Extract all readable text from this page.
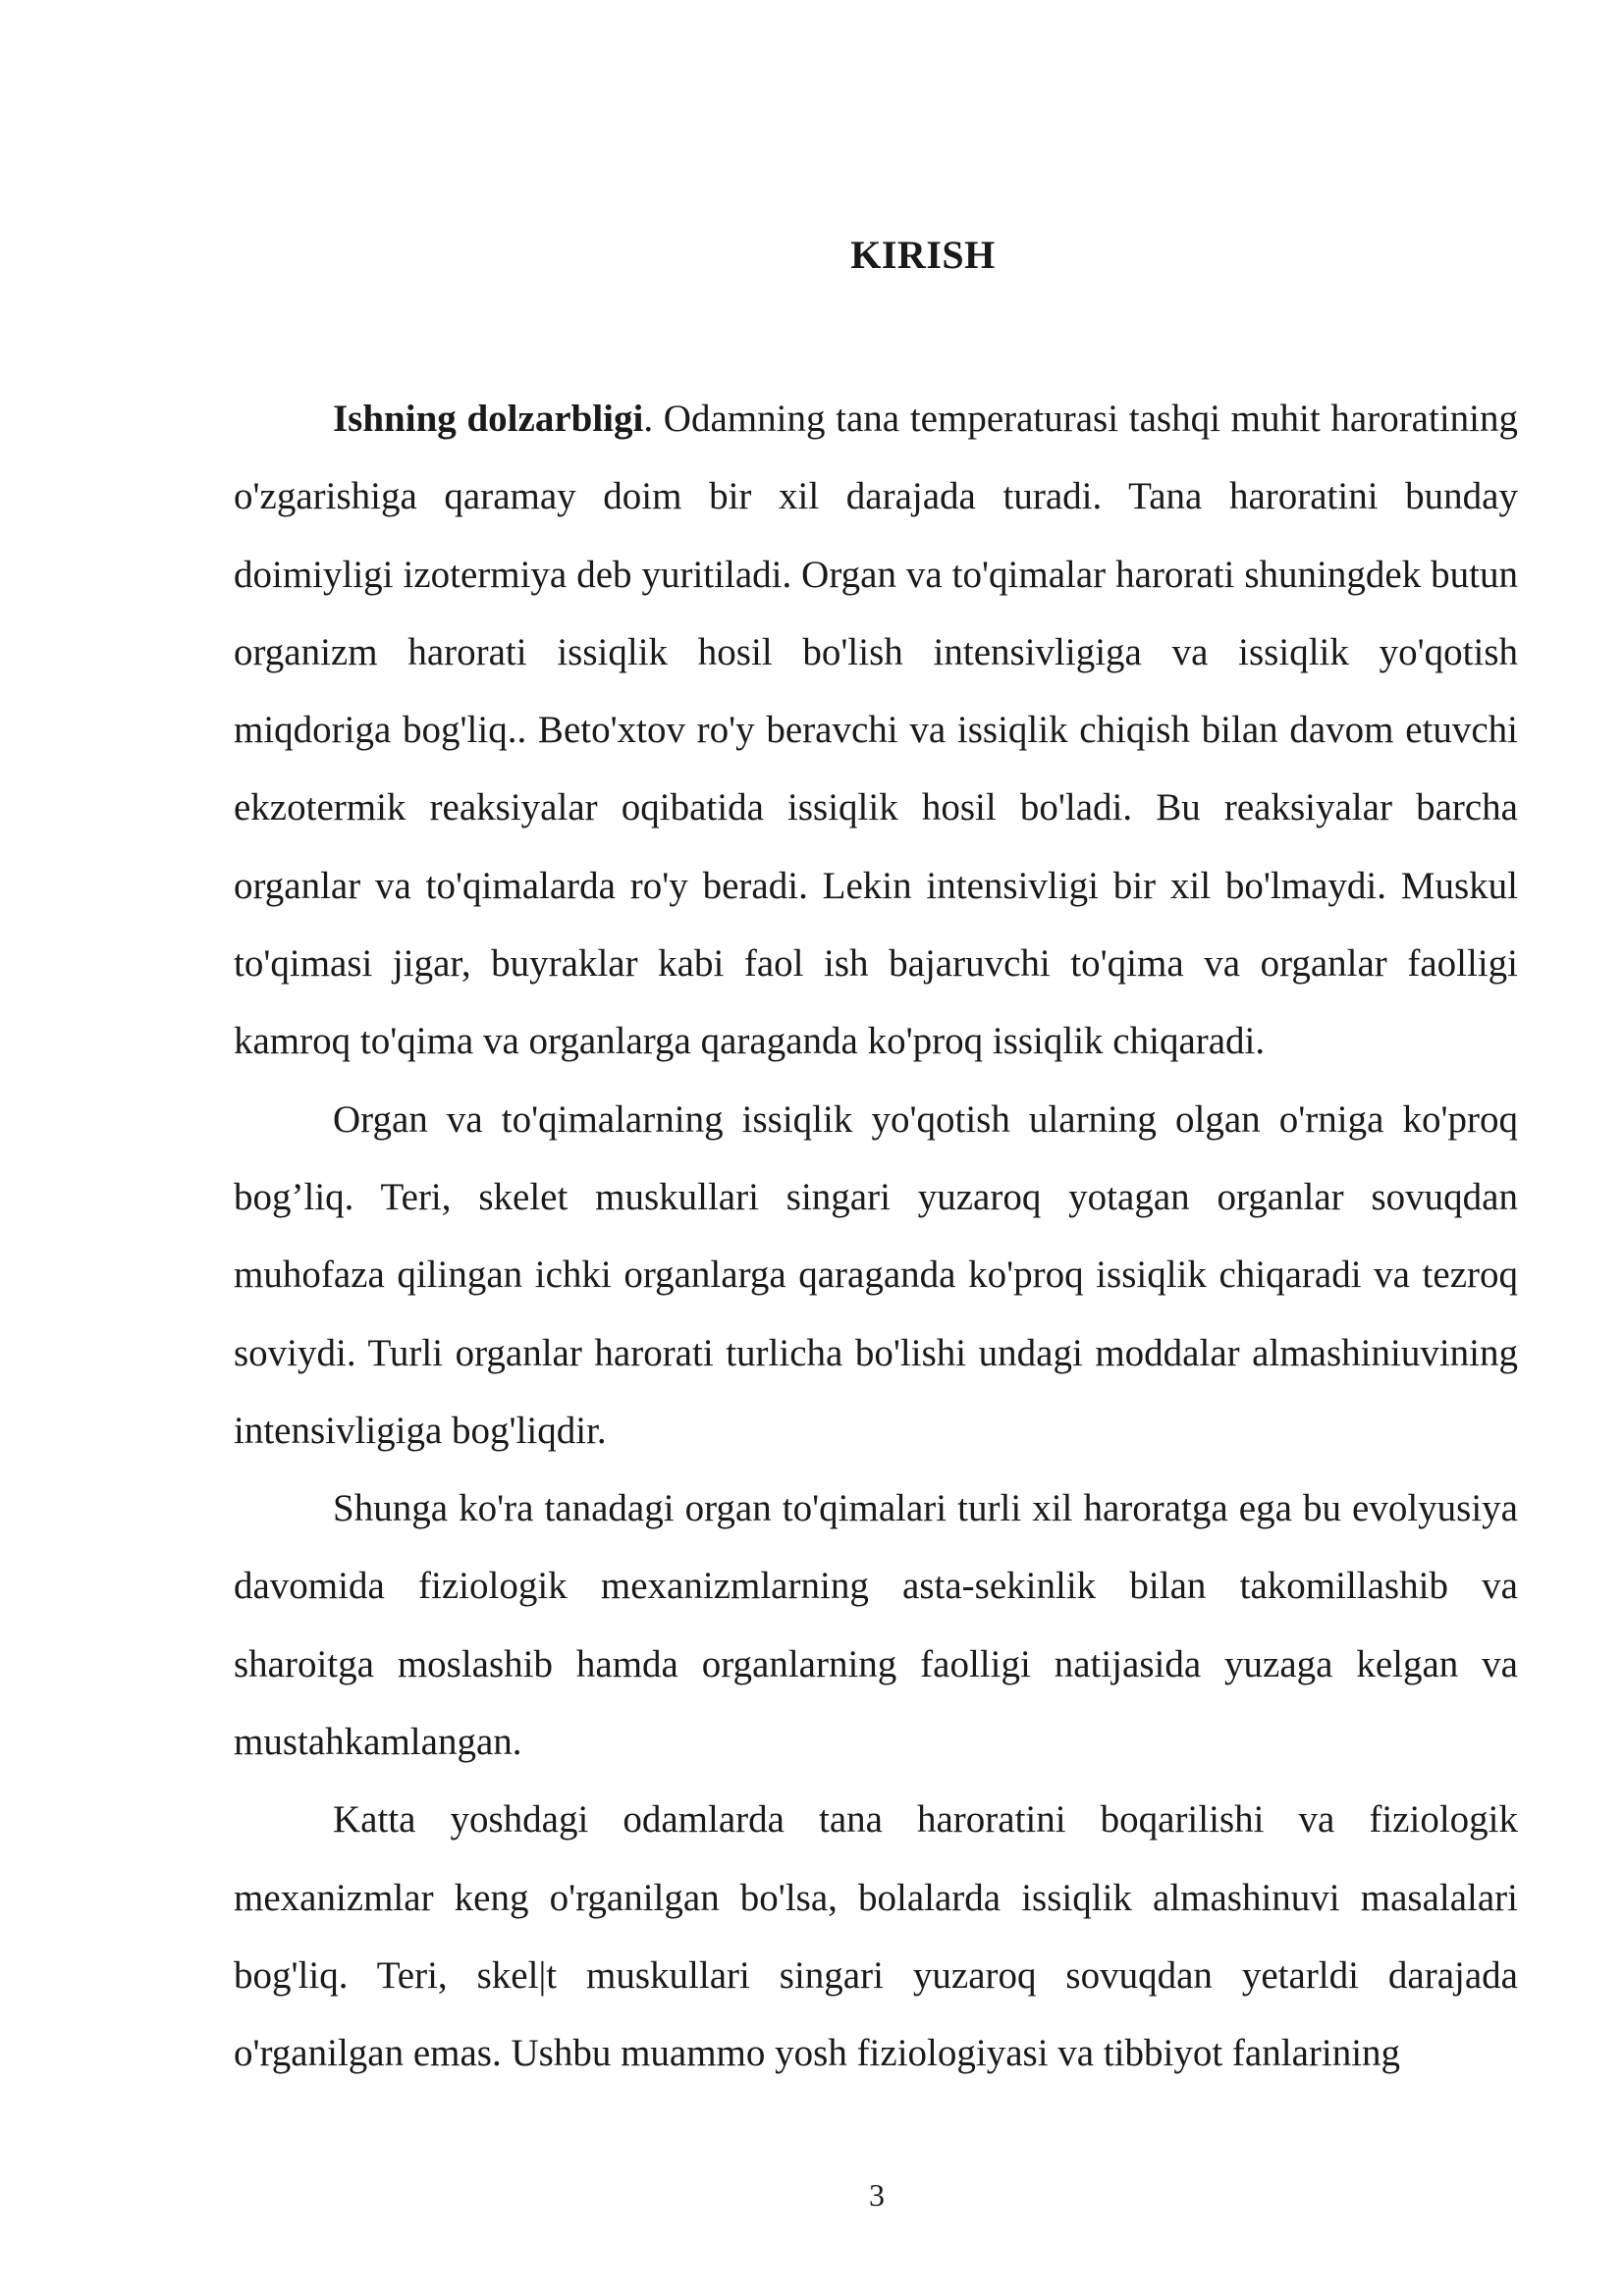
KIRISH

Ishning dolzarbligi. Odamning tana temperaturasi tashqi muhit haroratining o'zgarishiga qaramay doim bir xil darajada turadi. Tana haroratini bunday doimiyligi izotermiya deb yuritiladi. Organ va to'qimalar harorati shuningdek butun organizm harorati issiqlik hosil bo'lish intensivligiga va issiqlik yo'qotish miqdoriga bog'liq.. Beto'xtov ro'y beravchi va issiqlik chiqish bilan davom etuvchi ekzotermik reaksiyalar oqibatida issiqlik hosil bo'ladi. Bu reaksiyalar barcha organlar va to'qimalarda ro'y beradi. Lekin intensivligi bir xil bo'lmaydi. Muskul to'qimasi jigar, buyraklar kabi faol ish bajaruvchi to'qima va organlar faolligi kamroq to'qima va organlarga qaraganda ko'proq issiqlik chiqaradi.

Organ va to'qimalarning issiqlik yo'qotish ularning olgan o'rniga ko'proq bog’liq. Teri, skelet muskullari singari yuzaroq yotagan organlar sovuqdan muhofaza qilingan ichki organlarga qaraganda ko'proq issiqlik chiqaradi va tezroq soviydi. Turli organlar harorati turlicha bo'lishi undagi moddalar almashiniuvining intensivligiga bog'liqdir.

Shunga ko'ra tanadagi organ to'qimalari turli xil haroratga ega bu evolyusiya davomida fiziologik mexanizmlarning asta-sekinlik bilan takomillashib va sharoitga moslashib hamda organlarning faolligi natijasida yuzaga kelgan va mustahkamlangan.

Katta yoshdagi odamlarda tana haroratini boqarilishi va fiziologik mexanizmlar keng o'rganilgan bo'lsa, bolalarda issiqlik almashinuvi masalalari bog'liq. Teri, skel|t muskullari singari yuzaroq sovuqdan yetarldi darajada o'rganilgan emas. Ushbu muammo yosh fiziologiyasi va tibbiyot fanlarining

3
